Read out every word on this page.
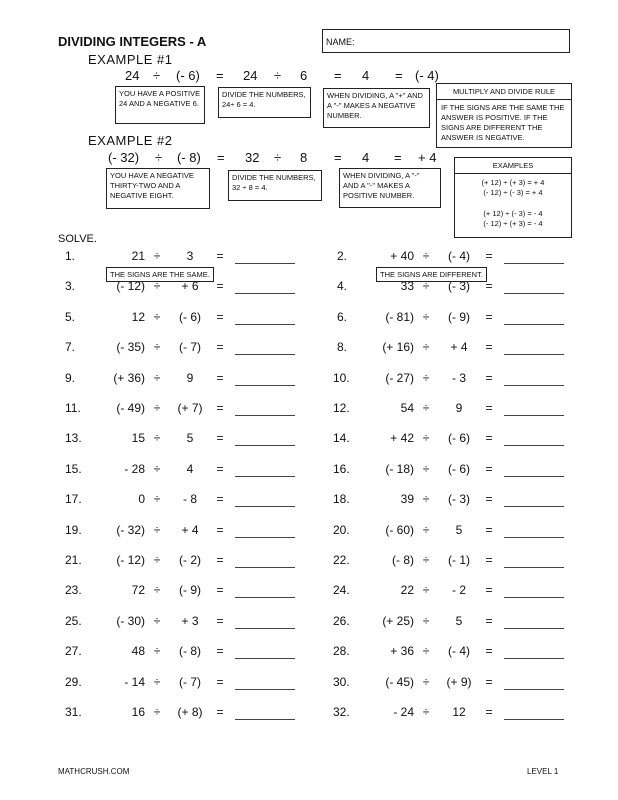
DIVIDING INTEGERS - A	NAME:
EXAMPLE #1
24 ÷ (- 6) = 24 ÷ 6 = 4 = (- 4)
YOU HAVE A POSITIVE 24 AND A NEGATIVE 6.
DIVIDE THE NUMBERS, 24÷ 6 = 4.
WHEN DIVIDING, A "+" AND A "-" MAKES A NEGATIVE NUMBER.
MULTIPLY AND DIVIDE RULE
IF THE SIGNS ARE THE SAME THE ANSWER IS POSITIVE. IF THE SIGNS ARE DIFFERENT THE ANSWER IS NEGATIVE.
EXAMPLE #2
(- 32) ÷ (- 8) = 32 ÷ 8 = 4 = + 4
YOU HAVE A NEGATIVE THIRTY-TWO AND A NEGATIVE EIGHT.
DIVIDE THE NUMBERS, 32 ÷ 8 = 4.
WHEN DIVIDING, A "-" AND A "-" MAKES A POSITIVE NUMBER.
EXAMPLES
(+ 12) ÷ (+ 3) = + 4
(- 12) ÷ (- 3) = + 4
(+ 12) ÷ (- 3) = - 4
(- 12) ÷ (+ 3) = - 4
SOLVE.
1.	21 ÷	3	=	2.	+ 40 ÷	(- 4)	=
3.	(- 12) ÷	+ 6	=	4.	33 ÷	(- 3)	=
5.	12 ÷	(- 6)	=	6.	(- 81) ÷	(- 9)	=
7.	(- 35) ÷	(- 7)	=	8.	(+ 16) ÷	+ 4	=
9.	(+ 36) ÷	9	=	10.	(- 27) ÷	- 3	=
11.	(- 49) ÷	(+ 7)	=	12.	54 ÷	9	=
13.	15 ÷	5	=	14.	+ 42 ÷	(- 6)	=
15.	- 28 ÷	4	=	16.	(- 18) ÷	(- 6)	=
17.	0 ÷	- 8	=	18.	39 ÷	(- 3)	=
19.	(- 32) ÷	+ 4	=	20.	(- 60) ÷	5	=
21.	(- 12) ÷	(- 2)	=	22.	(- 8) ÷	(- 1)	=
23.	72 ÷	(- 9)	=	24.	22 ÷	- 2	=
25.	(- 30) ÷	+ 3	=	26.	(+ 25) ÷	5	=
27.	48 ÷	(- 8)	=	28.	+ 36 ÷	(- 4)	=
29.	- 14 ÷	(- 7)	=	30.	(- 45) ÷	(+ 9)	=
31.	16 ÷	(+ 8)	=	32.	- 24 ÷	12	=
THE SIGNS ARE THE SAME.	THE SIGNS ARE DIFFERENT.
MATHCRUSH.COM	LEVEL 1
